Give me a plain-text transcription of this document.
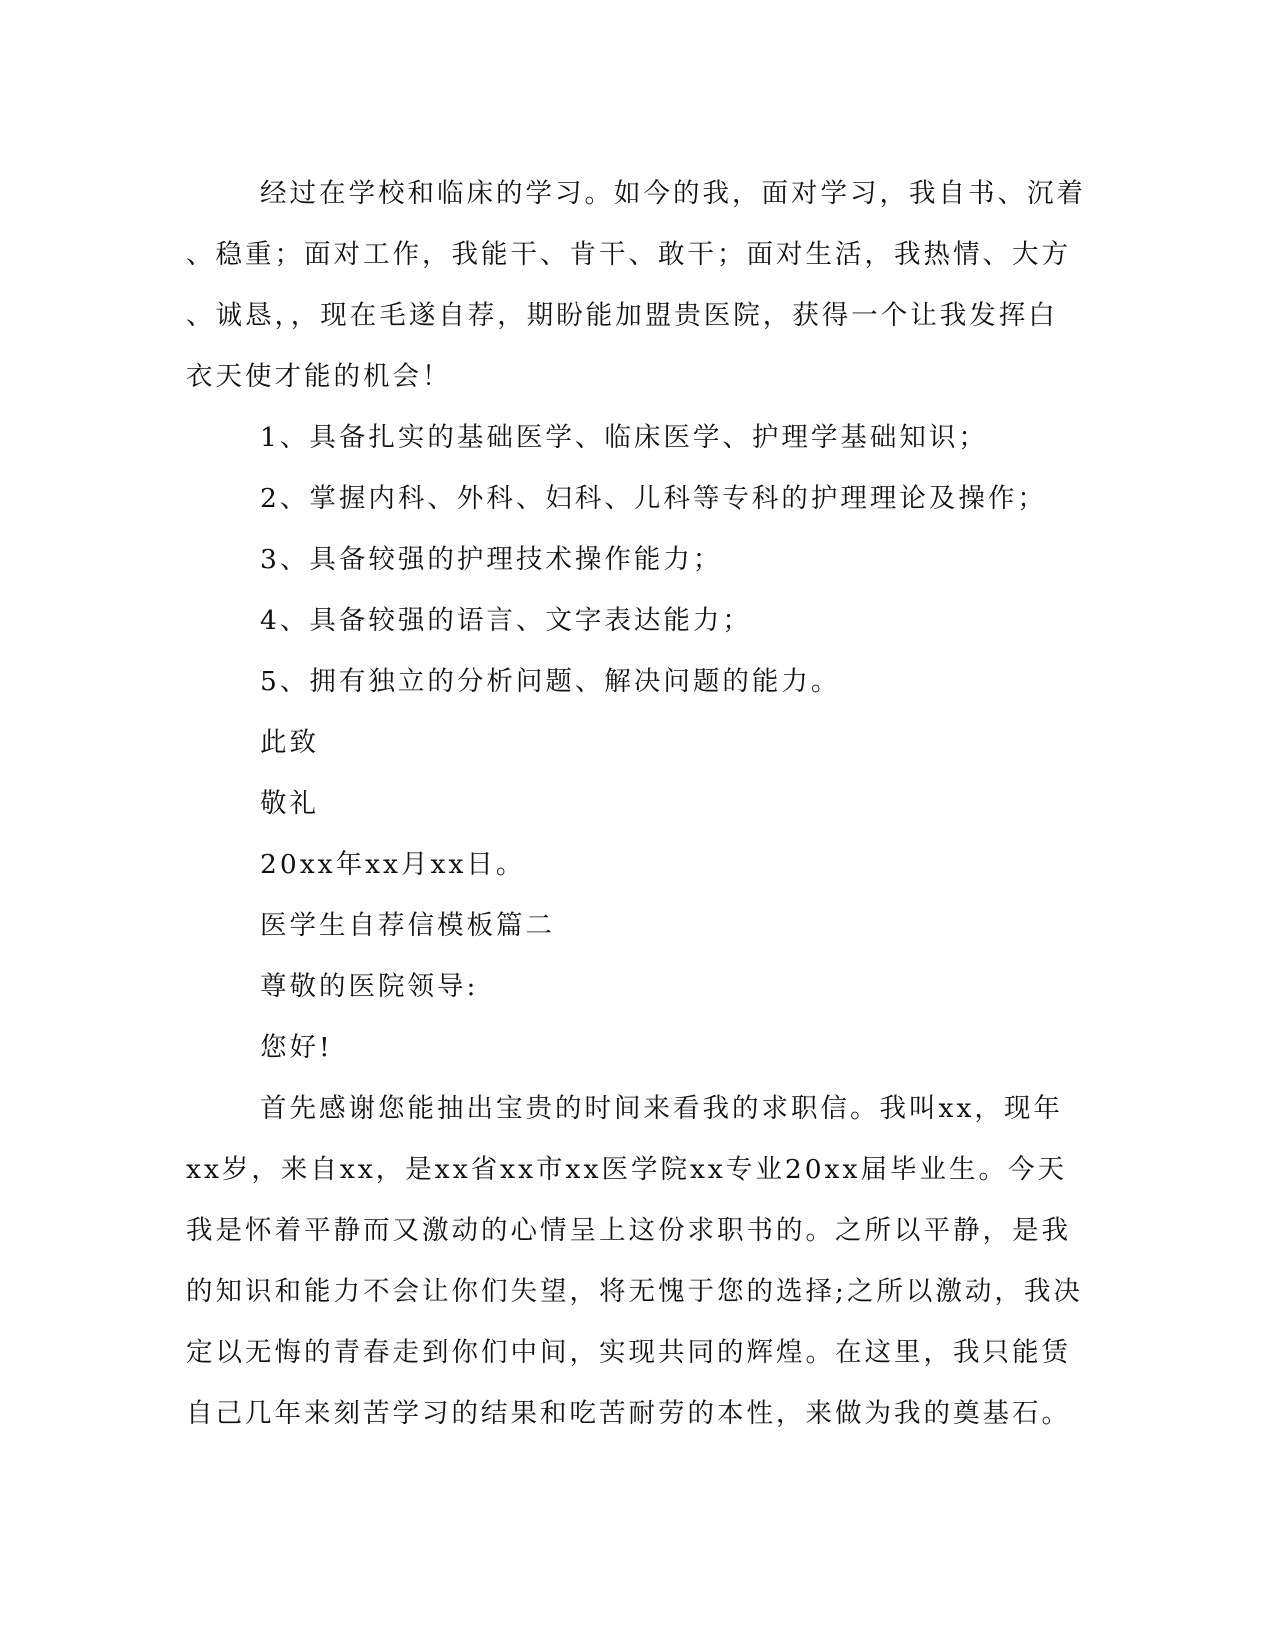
经过在学校和临床的学习。如今的我，面对学习，我自书、沉着
、稳重；面对工作，我能干、肯干、敢干；面对生活，我热情、大方
、诚恳，，现在毛遂自荐，期盼能加盟贵医院，获得一个让我发挥白
衣天使才能的机会！
1、具备扎实的基础医学、临床医学、护理学基础知识；
2、掌握内科、外科、妇科、儿科等专科的护理理论及操作；
3、具备较强的护理技术操作能力；
4、具备较强的语言、文字表达能力；
5、拥有独立的分析问题、解决问题的能力。
此致
敬礼
20xx年xx月xx日。
医学生自荐信模板篇二
尊敬的医院领导:
您好!
首先感谢您能抽出宝贵的时间来看我的求职信。我叫xx，现年
xx岁，来自xx，是xx省xx市xx医学院xx专业20xx届毕业生。今天
我是怀着平静而又激动的心情呈上这份求职书的。之所以平静，是我
的知识和能力不会让你们失望，将无愧于您的选择;之所以激动，我决
定以无悔的青春走到你们中间，实现共同的辉煌。在这里，我只能赁
自己几年来刻苦学习的结果和吃苦耐劳的本性，来做为我的奠基石。
